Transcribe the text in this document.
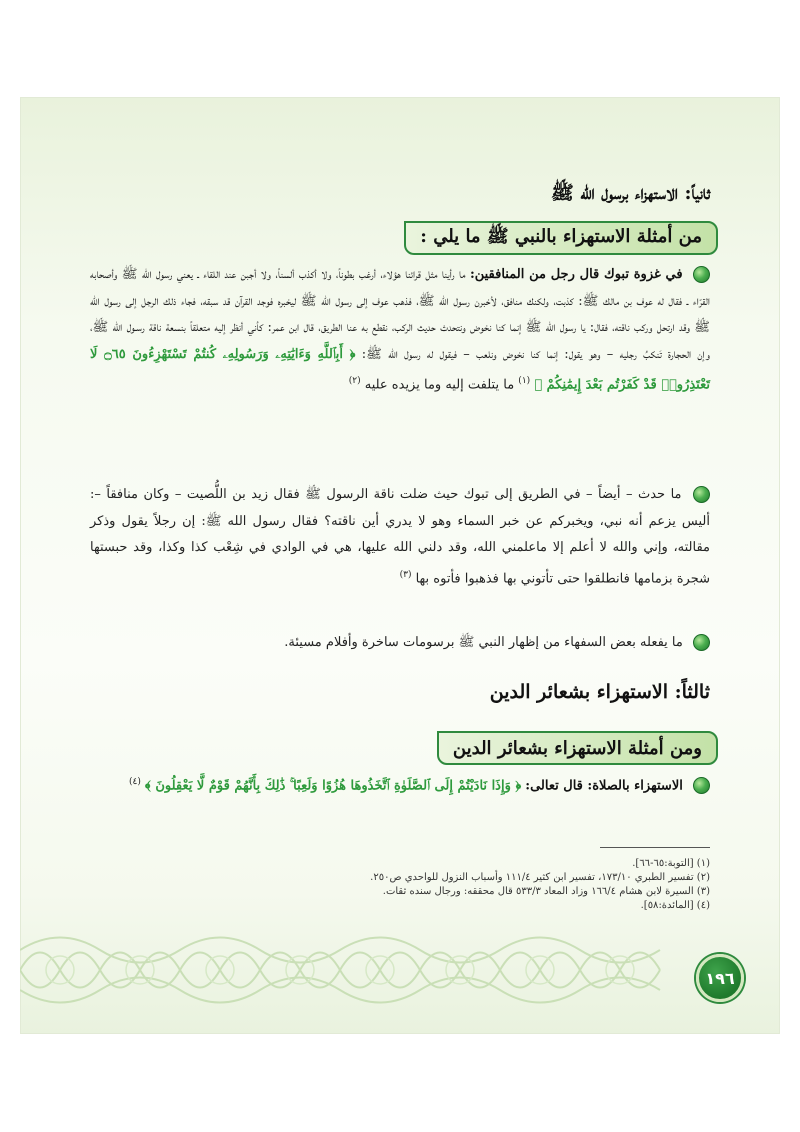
ثانياً: الاستهزاء برسول الله ﷺ
من أمثلة الاستهزاء بالنبي ﷺ ما يلي :
في غزوة تبوك قال رجل من المنافقين: ما رأينا مثل قرائنا هؤلاء، أرغب بطوناً، ولا أكذب ألسناً، ولا أجبن عند اللقاء ـ يعني رسول الله ﷺ وأصحابه القرّاء ـ فقال له عوف بن مالك ﷺ: كذبت، ولكنك منافق، لأخبرن رسول الله ﷺ، فذهب عوف إلى رسول الله ﷺ ليخبره فوجد القرآن قد سبقه، فجاء ذلك الرجل إلى رسول الله ﷺ وقد ارتحل وركب ناقته، فقال: يا رسول الله ﷺ إنما كنا نخوض ونتحدث حديث الركب، نقطع به عنا الطريق، قال ابن عمر: كأني أنظر إليه متعلقاً بنسعة ناقة رسـول الله ﷺ، وإن الحجارة تَنكبُ رجليه – وهو يقول: إنما كنا نخوض ونلعب – فيقول له رسول الله ﷺ: ﴿ أَبِٱللَّهِ وَءَايَٰتِهِۦ وَرَسُولِهِۦ كُنتُمْ تَسْتَهْزِءُونَ ۝٦٥ لَا تَعْتَذِرُوا۟ قَدْ كَفَرْتُم بَعْدَ إِيمَٰنِكُمْ ﴾ $^{(١)}$ ما يتلفت إليه وما يزيده عليه $^{(٢)}$
ما حدث – أيضاً – في الطريق إلى تبوك حيث ضلت ناقة الرسول ﷺ فقال زيد بن اللُّصيت – وكان منافقاً –: أليس يزعم أنه نبي، ويخبركم عن خبر السماء وهو لا يدري أين ناقته؟ فقال رسول الله ﷺ: إن رجلاً يقول وذكر مقالته، وإني والله لا أعلم إلا ماعلمني الله، وقد دلني الله عليها، هي في الوادي في شِعْب كذا وكذا، وقد حبستها شجرة بزمامها فانطلقوا حتى تأتوني بها فذهبوا فأتوه بها $^{(٣)}$
ما يفعله بعض السفهاء من إظهار النبي ﷺ برسومات ساخرة وأفلام مسيئة.
ثالثاً: الاستهزاء بشعائر الدين
ومن أمثلة الاستهزاء بشعائر الدين
الاستهزاء بالصلاة: قال تعالى: ﴿ وَإِذَا نَادَيْتُمْ إِلَى ٱلصَّلَوٰةِ ٱتَّخَذُوهَا هُزُوًا وَلَعِبًا ۚ ذَٰلِكَ بِأَنَّهُمْ قَوْمٌ لَّا يَعْقِلُونَ ﴾ $^{(٤)}$
(١) [التوبة:٦٥-٦٦].
(٢) تفسير الطبري ١٧٣/١٠، تفسير ابن كثير ١١١/٤ وأسباب النزول للواحدي ص٢٥٠.
(٣) السيرة لابن هشام ١٦٦/٤ وزاد المعاد ٥٣٣/٣ قال محققه: ورجال سنده ثقات.
(٤) [المائدة:٥٨].
١٩٦
